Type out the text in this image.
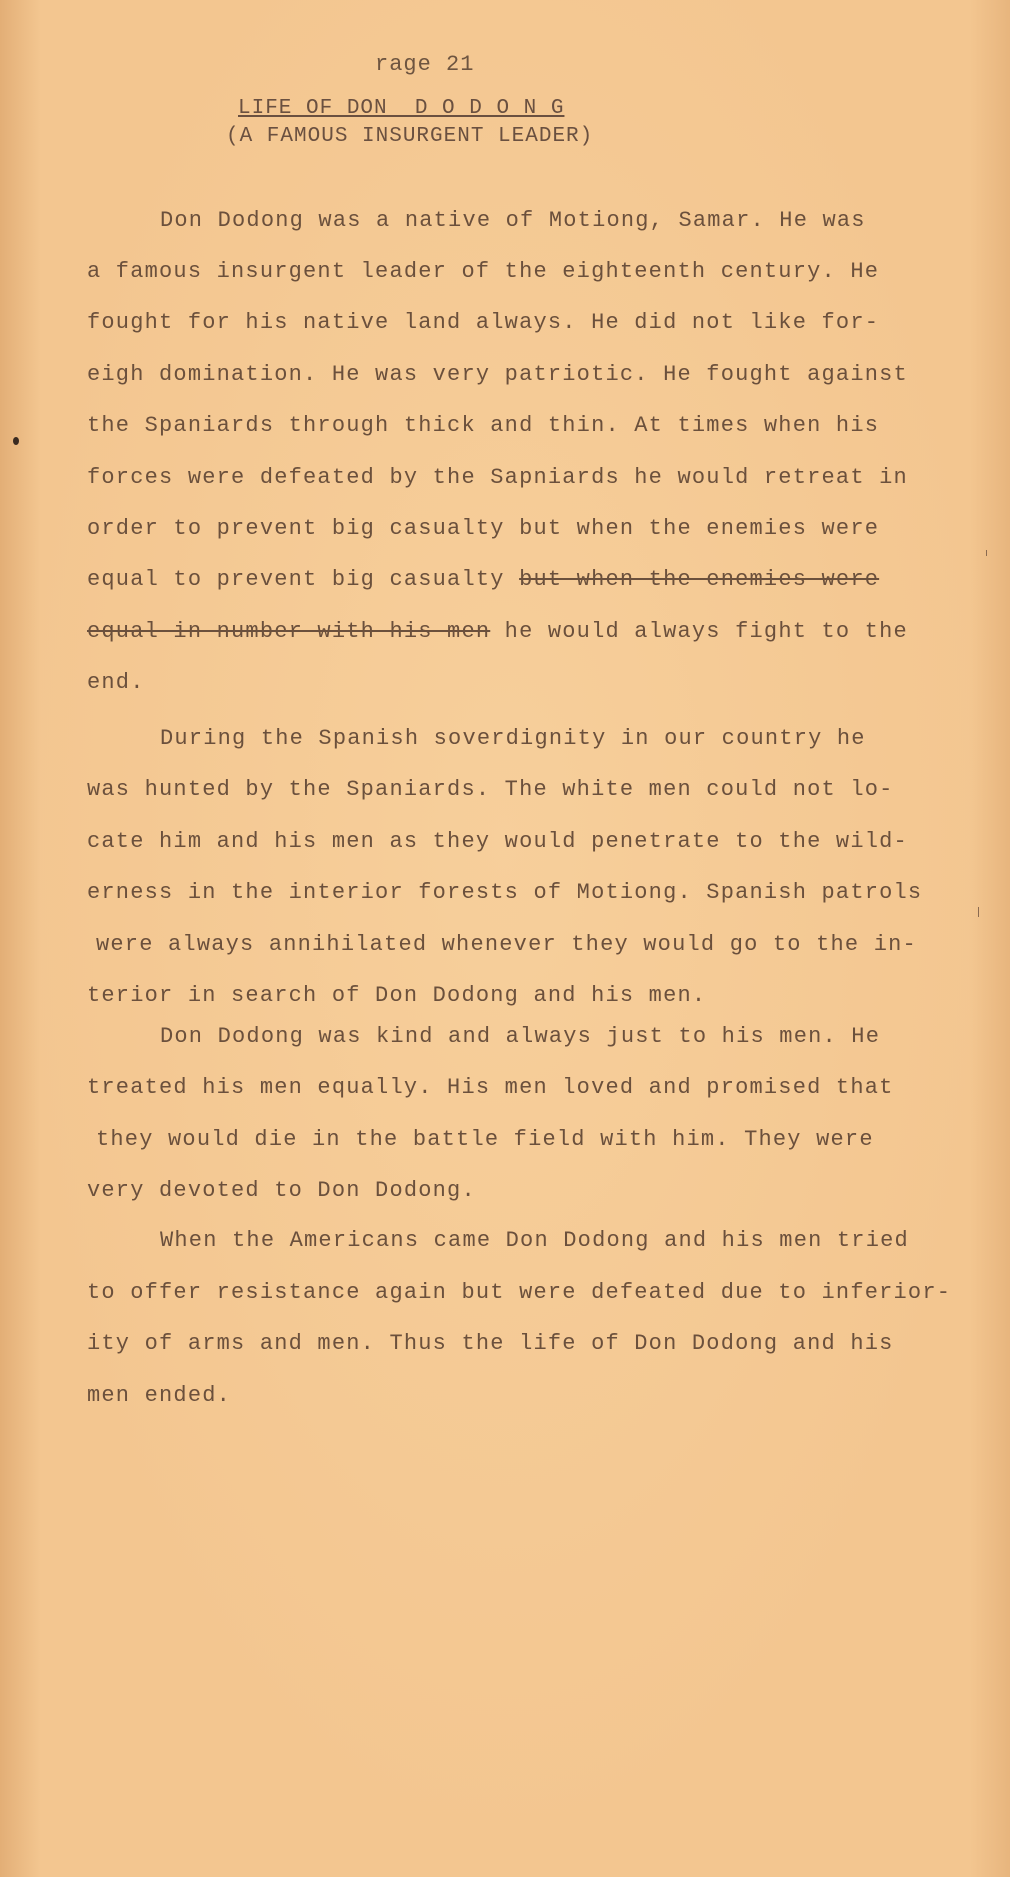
rage 21
LIFE OF DON  D O D O N G
(A FAMOUS INSURGENT LEADER)
Don Dodong was a native of Motiong, Samar. He was
a famous insurgent leader of the eighteenth century. He
fought for his native land always. He did not like for-
eigh domination. He was very patriotic. He fought against
the Spaniards through thick and thin. At times when his
forces were defeated by the Sapniards he would retreat in
order to prevent big casualty but when the enemies were
equal to prevent big casualty but when the enemies were
equal in number with his men he would always fight to the
end.
During the Spanish soverdignity in our country he
was hunted by the Spaniards. The white men could not lo-
cate him and his men as they would penetrate to the wild-
erness in the interior forests of Motiong. Spanish patrols
were always annihilated whenever they would go to the in-
terior in search of Don Dodong and his men.
Don Dodong was kind and always just to his men. He
treated his men equally. His men loved and promised that
they would die in the battle field with him. They were
very devoted to Don Dodong.
When the Americans came Don Dodong and his men tried
to offer resistance again but were defeated due to inferior-
ity of arms and men. Thus the life of Don Dodong and his
men ended.
